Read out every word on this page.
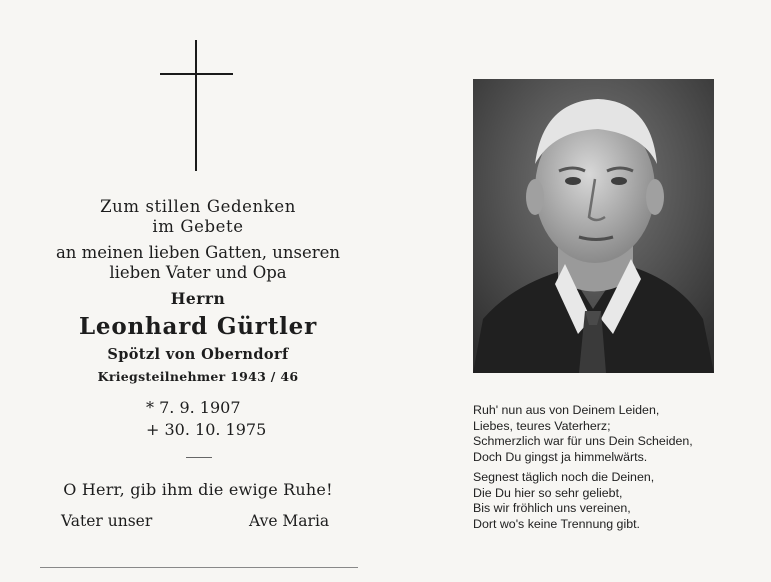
Zum stillen Gedenken
im Gebete
an meinen lieben Gatten, unseren
lieben Vater und Opa
Herrn
Leonhard Gürtler
Spötzl von Oberndorf
Kriegsteilnehmer 1943 / 46
* 7. 9. 1907
+ 30. 10. 1975
O Herr, gib ihm die ewige Ruhe!
Vater unser	Ave Maria
Ruh' nun aus von Deinem Leiden,
Liebes, teures Vaterherz;
Schmerzlich war für uns Dein Scheiden,
Doch Du gingst ja himmelwärts.
Segnest täglich noch die Deinen,
Die Du hier so sehr geliebt,
Bis wir fröhlich uns vereinen,
Dort wo's keine Trennung gibt.
